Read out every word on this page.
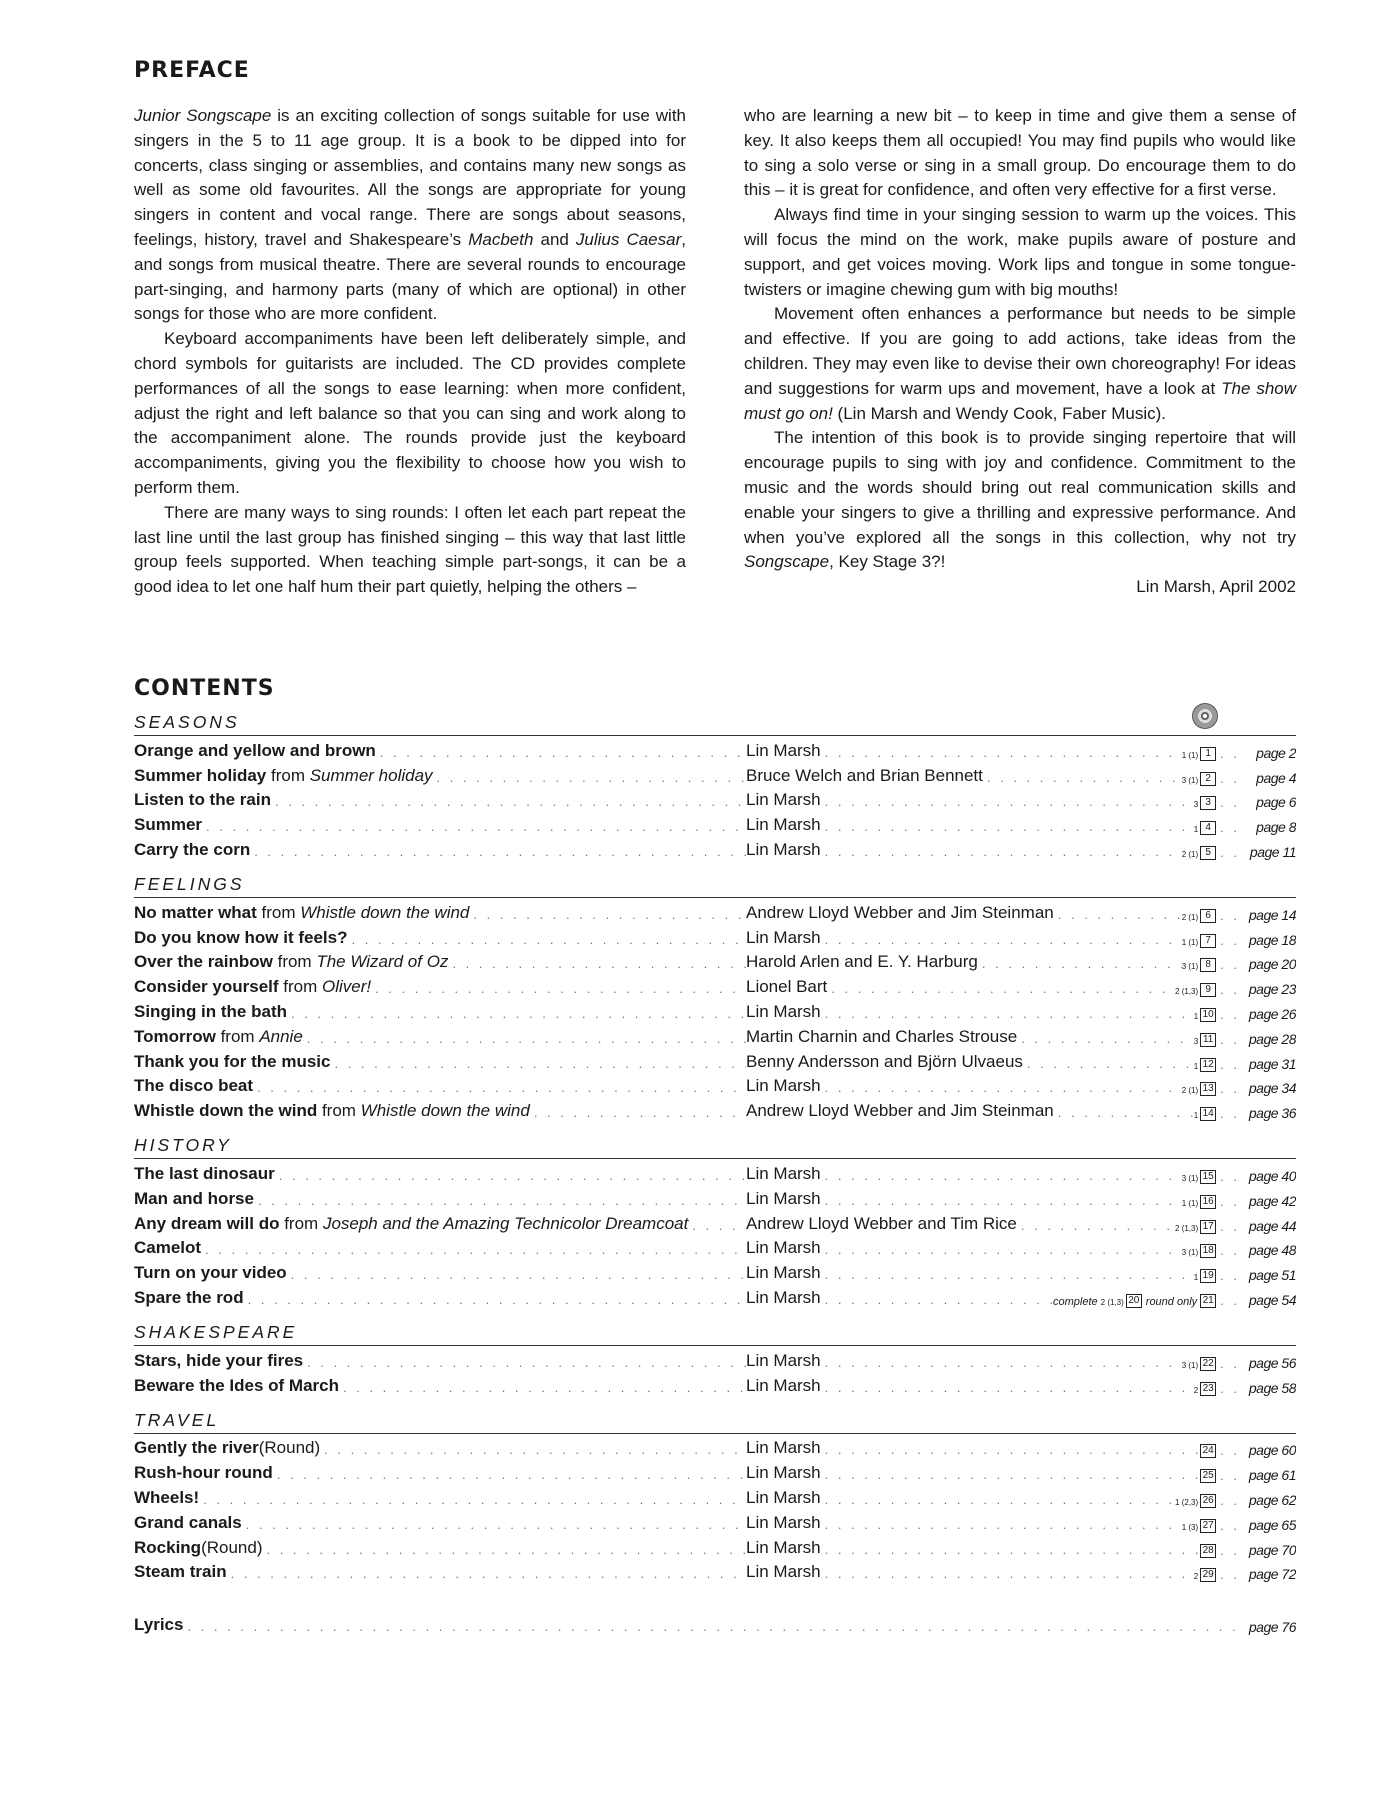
PREFACE

Junior Songscape is an exciting collection of songs suitable for use with singers in the 5 to 11 age group. It is a book to be dipped into for concerts, class singing or assemblies, and contains many new songs as well as some old favourites. All the songs are appropriate for young singers in content and vocal range. There are songs about seasons, feelings, history, travel and Shakespeare’s Macbeth and Julius Caesar, and songs from musical theatre. There are several rounds to encourage part-singing, and harmony parts (many of which are optional) in other songs for those who are more confident.

Keyboard accompaniments have been left deliberately simple, and chord symbols for guitarists are included. The CD provides complete performances of all the songs to ease learning: when more confident, adjust the right and left balance so that you can sing and work along to the accompaniment alone. The rounds provide just the keyboard accompaniments, giving you the flexibility to choose how you wish to perform them.

There are many ways to sing rounds: I often let each part repeat the last line until the last group has finished singing – this way that last little group feels supported. When teaching simple part-songs, it can be a good idea to let one half hum their part quietly, helping the others –

who are learning a new bit – to keep in time and give them a sense of key. It also keeps them all occupied! You may find pupils who would like to sing a solo verse or sing in a small group. Do encourage them to do this – it is great for confidence, and often very effective for a first verse.

Always find time in your singing session to warm up the voices. This will focus the mind on the work, make pupils aware of posture and support, and get voices moving. Work lips and tongue in some tongue-twisters or imagine chewing gum with big mouths!

Movement often enhances a performance but needs to be simple and effective. If you are going to add actions, take ideas from the children. They may even like to devise their own choreography! For ideas and suggestions for warm ups and movement, have a look at The show must go on! (Lin Marsh and Wendy Cook, Faber Music).

The intention of this book is to provide singing repertoire that will encourage pupils to sing with joy and confidence. Commitment to the music and the words should bring out real communication skills and enable your singers to give a thrilling and expressive performance. And when you’ve explored all the songs in this collection, why not try Songscape, Key Stage 3?!

Lin Marsh, April 2002

CONTENTS
SEASONS
Orange and yellow and brown . . .	Lin Marsh . . .	1 (1) 1 . .	page 2
Summer holiday from Summer holiday . . .	Bruce Welch and Brian Bennett . . .	3 (1) 2 . .	page 4
Listen to the rain . . .	Lin Marsh . . .	3 3 . .	page 6
Summer . . .	Lin Marsh . . .	1 4 . .	page 8
Carry the corn . . .	Lin Marsh . . .	2 (1) 5 . . page 11
FEELINGS
No matter what from Whistle down the wind . . .	Andrew Lloyd Webber and Jim Steinman . . .	2 (1) 6 . . page 14
Do you know how it feels? . . .	Lin Marsh . . .	1 (1) 7 . . page 18
Over the rainbow from The Wizard of Oz . . .	Harold Arlen and E. Y. Harburg . . .	3 (1) 8 . . page 20
Consider yourself from Oliver! . . .	Lionel Bart . . .	2 (1,3) 9 . . page 23
Singing in the bath . . .	Lin Marsh . . .	1 10 . . page 26
Tomorrow from Annie . . .	Martin Charnin and Charles Strouse . . .	3 11 . . page 28
Thank you for the music . . .	Benny Andersson and Björn Ulvaeus . . .	1 12 . . page 31
The disco beat . . .	Lin Marsh . . .	2 (1) 13 . . page 34
Whistle down the wind from Whistle down the wind . . .	Andrew Lloyd Webber and Jim Steinman . . .	1 14 . . page 36
HISTORY
The last dinosaur . . .	Lin Marsh . . .	3 (1) 15 . . page 40
Man and horse . . .	Lin Marsh . . .	1 (1) 16 . . page 42
Any dream will do from Joseph and the Amazing Technicolor Dreamcoat . . .	Andrew Lloyd Webber and Tim Rice . . .	2 (1,3) 17 . . page 44
Camelot . . .	Lin Marsh . . .	3 (1) 18 . . page 48
Turn on your video . . .	Lin Marsh . . .	1 19 . . page 51
Spare the rod . . .	Lin Marsh . . .	complete 2 (1,3) 20 round only 21 . . page 54
SHAKESPEARE
Stars, hide your fires . . .	Lin Marsh . . .	3 (1) 22 . . page 56
Beware the Ides of March . . .	Lin Marsh . . .	2 23 . . page 58
TRAVEL
Gently the river (Round) . . .	Lin Marsh . . .	24 . . page 60
Rush-hour round . . .	Lin Marsh . . .	25 . . page 61
Wheels! . . .	Lin Marsh . . .	1 (2,3) 26 . . page 62
Grand canals . . .	Lin Marsh . . .	1 (3) 27 . . page 65
Rocking (Round) . . .	Lin Marsh . . .	28 . . page 70
Steam train . . .	Lin Marsh . . .	2 29 . . page 72
Lyrics . . .	page 76
